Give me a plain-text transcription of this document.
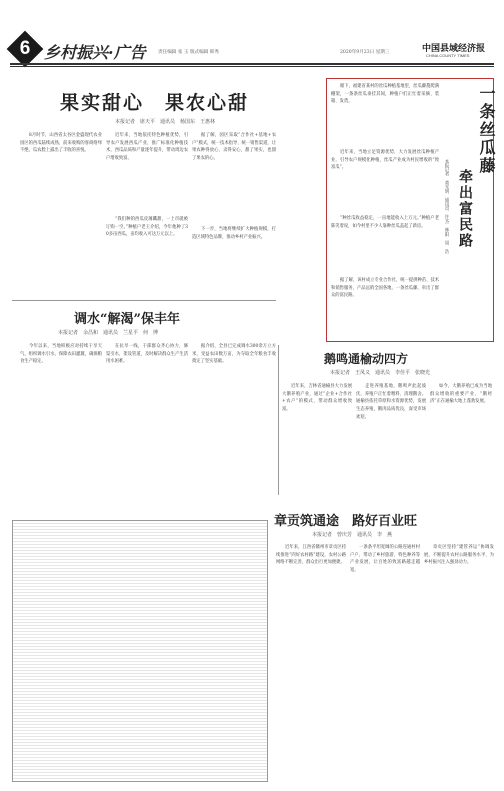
6 乡村振兴·广告	责任编辑 张 玉 版式编辑 韩秀	2020年9月23日 星期三	中国县域经济报
CHINA COUNTY TIMES
果实甜心　果农心甜
本报记者　席天平　通讯员　杨国东　王惠林
8月时节，山西省太谷区金盛现代农业园区的西瓜陆续成熟，前来收购的客商络绎不绝，瓜农脸上露出了丰收的喜悦。
近年来，当地依托特色种植优势，引导农户发展西瓜产业，推广标准化种植技术，西瓜品质和产量逐年提升，带动周边农户增收致富。
“我们种的西瓜皮薄瓤甜，一上市就被订购一空。”种植户老王介绍，今年他种了30多亩西瓜，亩均收入可达万元以上。
据了解，园区采取“合作社+基地+农户”模式，统一技术指导、统一销售渠道，让果农种得放心、卖得安心，甜了果实，也甜了果农的心。
下一步，当地将继续扩大种植规模，打造区域特色品牌，推动乡村产业振兴。
调水“解渴”保丰年
本报记者　余昌和　通讯员　兰星平　何　博
今年以来，当地积极应对持续干旱天气，组织调水引水，保障农田灌溉，确保粮食生产稳定。
在抗旱一线，干部群众齐心协力，修渠引水，架设管道，及时解决群众生产生活用水困难。
据介绍，全县已完成调水300余万立方米，受益农田数万亩，为夺取全年粮食丰收奠定了坚实基础。
眼下，福建省某村的丝瓜种植基地里，丝瓜藤蔓爬满棚架，一条条丝瓜垂挂其间，种植户们正忙着采摘、装箱、发货。
近年来，当地立足资源优势，大力发展丝瓜种植产业，引导农户规模化种植，丝瓜产业成为村民增收的“致富瓜”。
“种丝瓜收益稳定，一亩地能收入上万元。”种植户老陈笑着说，如今村里不少人靠种丝瓜盖起了新房。
据了解，该村成立专业合作社，统一提供种苗、技术和销售服务，产品远销全国各地，一条丝瓜藤，牵出了群众的富民路。
一条丝瓜藤
牵出富民路
本报记者　黄光明　通讯员　许杰　林阳　周　浩
鹅鸣通榆动四方
本报记者　王凤义　通讯员　李佳平　张晓光
近年来，吉林省通榆县大力发展大鹅养殖产业，通过“企业+合作社+农户”的模式，带动群众增收致富。
走进养殖基地，鹅鸣声此起彼伏，养殖户正忙着喂料、清理鹅舍。通榆县依托草原和水资源优势，发展生态养殖，鹅肉品质优良，深受市场欢迎。
如今，大鹅养殖已成为当地群众增收的重要产业，“鹅经济”正在通榆大地上蓬勃发展。
章贡筑通途　路好百业旺
本报记者　曾庆芳　通讯员　李　燕
近年来，江西省赣州市章贡区持续推进“四好农村路”建设，农村公路网络不断完善，群众出行更加便捷。
一条条平坦宽阔的公路连通村村户户，带动了乡村旅游、特色种养等产业发展，让百姓的致富路越走越宽。
章贡区坚持“建管养运”协调发展，不断提升农村公路服务水平，为乡村振兴注入强劲动力。
